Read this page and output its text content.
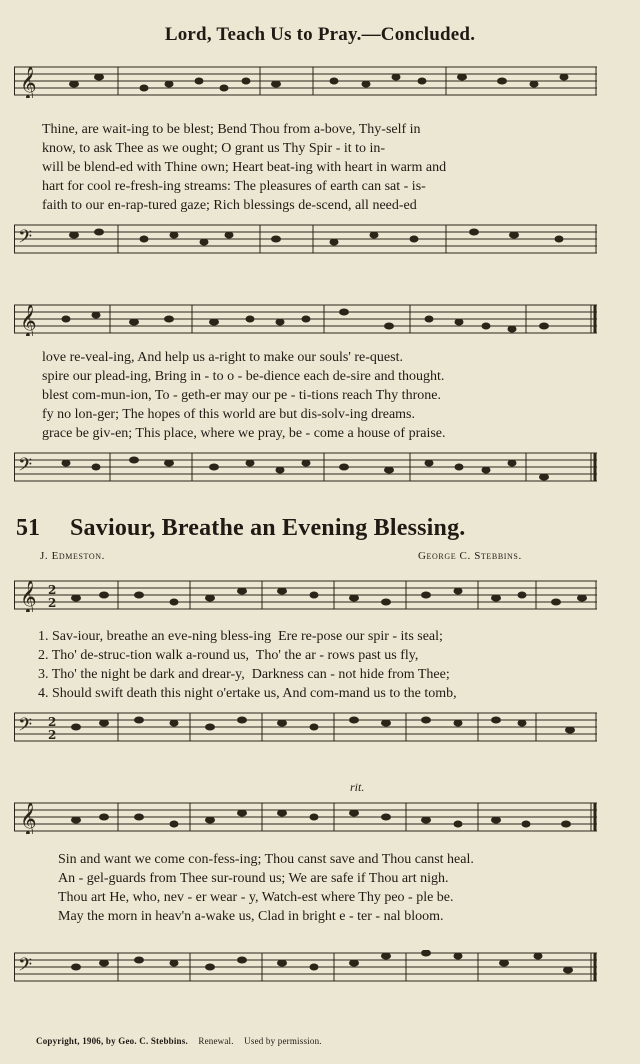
Lord, Teach Us to Pray.—Concluded.
𝄞
Thine, are wait-ing to be blest; Bend Thou from a-bove, Thy-self in
know, to ask Thee as we ought; O grant us Thy Spir - it to in-
will be blend-ed with Thine own; Heart beat-ing with heart in warm and
hart for cool re-fresh-ing streams: The pleasures of earth can sat - is-
faith to our en-rap-tured gaze; Rich blessings de-scend, all need-ed
𝄢
𝄞
love re-veal-ing, And help us a-right to make our souls' re-quest.
spire our plead-ing, Bring in - to o - be-dience each de-sire and thought.
blest com-mun-ion, To - geth-er may our pe - ti-tions reach Thy throne.
fy no lon-ger; The hopes of this world are but dis-solv-ing dreams.
grace be giv-en; This place, where we pray, be - come a house of praise.
𝄢
51 Saviour, Breathe an Evening Blessing.
J. Edmeston.	George C. Stebbins.
𝄞 2
2
1. Sav-iour, breathe an eve-ning bless-ing  Ere re-pose our spir - its seal;
2. Tho' de-struc-tion walk a-round us,  Tho' the ar - rows past us fly,
3. Tho' the night be dark and drear-y,  Darkness can - not hide from Thee;
4. Should swift death this night o'ertake us, And com-mand us to the tomb,
𝄢 2
2
𝄞
rit.
Sin and want we come con-fess-ing; Thou canst save and Thou canst heal.
An - gel-guards from Thee sur-round us; We are safe if Thou art nigh.
Thou art He, who, nev - er wear - y, Watch-est where Thy peo - ple be.
May the morn in heav'n a-wake us, Clad in bright e - ter - nal bloom.
𝄢
Copyright, 1906, by Geo. C. Stebbins. Renewal. Used by permission.
